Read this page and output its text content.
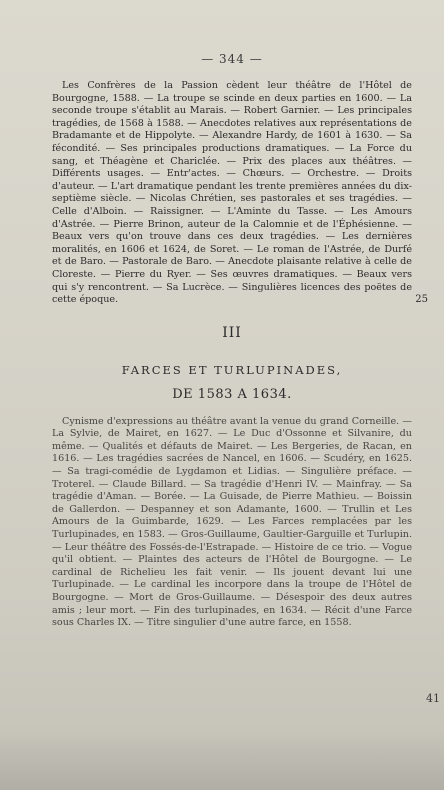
— 344 —

Les Confrères de la Passion cèdent leur théâtre de l'Hôtel de Bourgogne, 1588. — La troupe se scinde en deux parties en 1600. — La seconde troupe s'établit au Marais. — Robert Garnier. — Les principales tragédies, de 1568 à 1588. — Anecdotes relatives aux représentations de Bradamante et de Hippolyte. — Alexandre Hardy, de 1601 à 1630. — Sa fécondité. — Ses principales productions dramatiques. — La Force du sang, et Théagène et Chariclée. — Prix des places aux théâtres. — Différents usages. — Entr'actes. — Chœurs. — Orchestre. — Droits d'auteur. — L'art dramatique pendant les trente premières années du dix-septième siècle. — Nicolas Chrétien, ses pastorales et ses tragédies. — Celle d'Alboin. — Raissigner. — L'Aminte du Tasse. — Les Amours d'Astrée. — Pierre Brinon, auteur de la Calomnie et de l'Éphésienne. — Beaux vers qu'on trouve dans ces deux tragédies. — Les dernières moralités, en 1606 et 1624, de Soret. — Le roman de l'Astrée, de Durfé et de Baro. — Pastorale de Baro. — Anecdote plaisante relative à celle de Cloreste. — Pierre du Ryer. — Ses œuvres dramatiques. — Beaux vers qui s'y rencontrent. — Sa Lucrèce. — Singulières licences des poëtes de cette époque.	25

III
FARCES ET TURLUPINADES,
DE 1583 A 1634.

Cynisme d'expressions au théâtre avant la venue du grand Corneille. — La Sylvie, de Mairet, en 1627. — Le Duc d'Ossonne et Silvanire, du même. — Qualités et défauts de Mairet. — Les Bergeries, de Racan, en 1616. — Les tragédies sacrées de Nancel, en 1606. — Scudéry, en 1625. — Sa tragi-comédie de Lygdamon et Lidias. — Singulière préface. — Troterel. — Claude Billard. — Sa tragédie d'Henri IV. — Mainfray. — Sa tragédie d'Aman. — Borée. — La Guisade, de Pierre Mathieu. — Boissin de Gallerdon. — Despanney et son Adamante, 1600. — Trullin et Les Amours de la Guimbarde, 1629. — Les Farces remplacées par les Turlupinades, en 1583. — Gros-Guillaume, Gaultier-Garguille et Turlupin. — Leur théâtre des Fossés-de-l'Estrapade. — Histoire de ce trio. — Vogue qu'il obtient. — Plaintes des acteurs de l'Hôtel de Bourgogne. — Le cardinal de Richelieu les fait venir. — Ils jouent devant lui une Turlupinade. — Le cardinal les incorpore dans la troupe de l'Hôtel de Bourgogne. — Mort de Gros-Guillaume. — Désespoir des deux autres amis ; leur mort. — Fin des turlupinades, en 1634. — Récit d'une Farce sous Charles IX. — Titre singulier d'une autre farce, en 1558.

41
